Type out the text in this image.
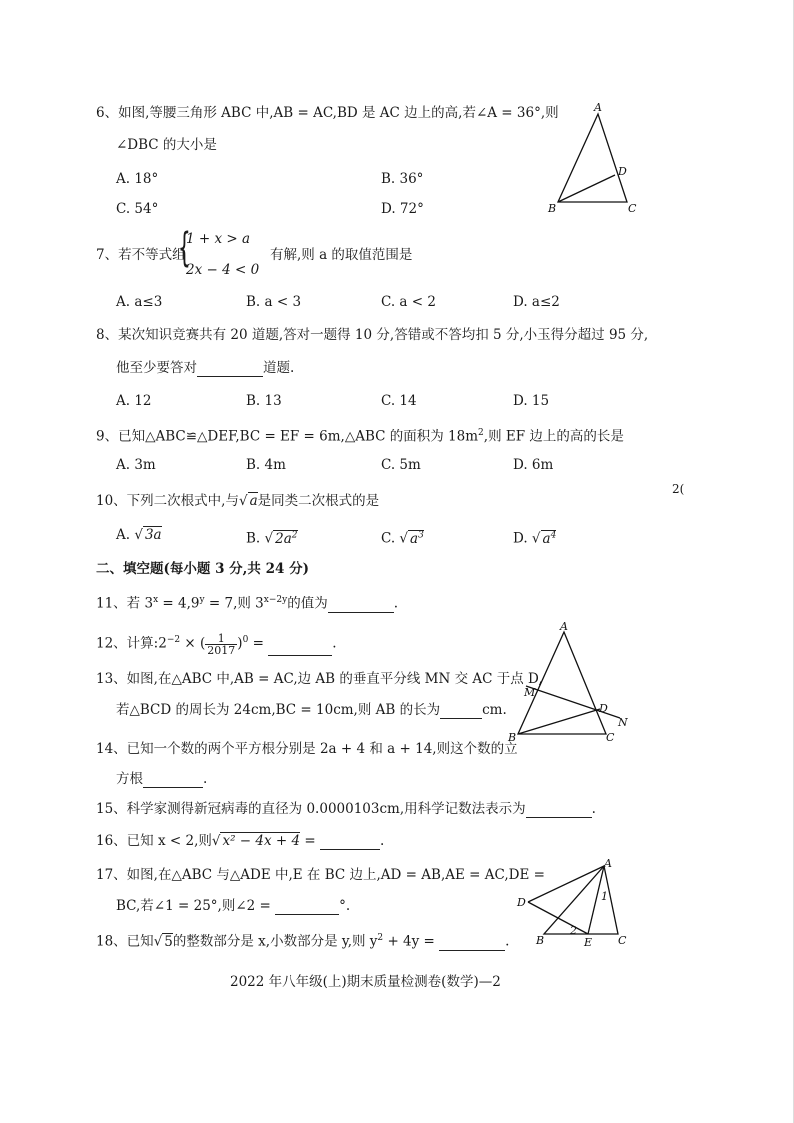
6、如图,等腰三角形 ABC 中,AB = AC,BD 是 AC 边上的高,若∠A = 36°,则
∠DBC 的大小是
A. 18°	B. 36°
C. 54°	D. 72°
A
D
B	C
7、若不等式组
{
1 + x > a
2x − 4 < 0
有解,则 a 的取值范围是
A. a≤3	B. a < 3	C. a < 2	D. a≤2
8、某次知识竞赛共有 20 道题,答对一题得 10 分,答错或不答均扣 5 分,小玉得分超过 95 分,
他至少要答对	道题.
A. 12	B. 13	C. 14	D. 15
9、已知△ABC≌△DEF,BC = EF = 6m,△ABC 的面积为 $18m^2$,则 EF 边上的高的长是
A. 3m	B. 4m	C. 5m	D. 6m
2(
10、下列二次根式中,与√ a是同类二次根式的是
A. √ 3a	B. √ $2a^2$	C. √ $a^3$	D. √ $a^4$
二、填空题(每小题 3 分,共 24 分)
11、若 $3^x = 4,9^y = 7$,则 $3^{x-2y}$的值为	.
12、计算$:2^{-2}$ × ( $\frac{1}{2017} )^0$ =	.
13、如图,在△ABC 中,AB = AC,边 AB 的垂直平分线 MN 交 AC 于点 D,
若△BCD 的周长为 24cm,BC = 10cm,则 AB 的长为	cm.
A
M
D
N
B	C
14、已知一个数的两个平方根分别是 2a + 4 和 a + 14,则这个数的立
方根	.
15、科学家测得新冠病毒的直径为 0.0000103cm,用科学记数法表示为	.
16、已知 x < 2,则√ x² − 4x + 4 =	.
17、如图,在△ABC 与△ADE 中,E 在 BC 边上,AD = AB,AE = AC,DE =
BC,若∠1 = 25°,则∠2 =	°.
A
D	1
B
2
E C
18、已知√ 5的整数部分是 x,小数部分是 y,则 $y^2 + 4y$ =	.
2022 年八年级(上)期末质量检测卷(数学)—2
